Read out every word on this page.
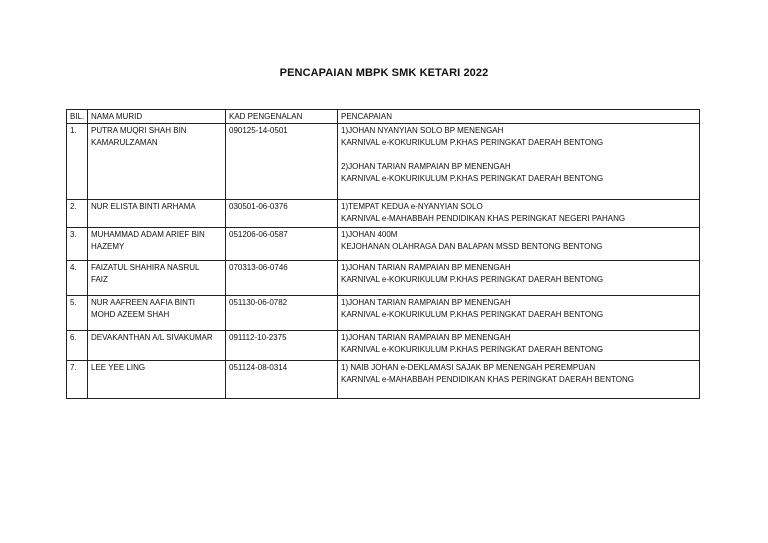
PENCAPAIAN MBPK SMK KETARI 2022
BIL.	NAMA MURID	KAD PENGENALAN	PENCAPAIAN
1.	PUTRA MUQRI SHAH BIN
KAMARULZAMAN	090125-14-0501	1)JOHAN NYANYIAN SOLO BP MENENGAH
KARNIVAL e-KOKURIKULUM P.KHAS PERINGKAT DAERAH BENTONG
2)JOHAN TARIAN RAMPAIAN BP MENENGAH
KARNIVAL e-KOKURIKULUM P.KHAS PERINGKAT DAERAH BENTONG

2.	NUR ELISTA BINTI ARHAMA	030501-06-0376	1)TEMPAT KEDUA e-NYANYIAN SOLO
KARNIVAL e-MAHABBAH PENDIDIKAN KHAS PERINGKAT NEGERI PAHANG

3.	MUHAMMAD ADAM ARIEF BIN
HAZEMY	051206-06-0587	1)JOHAN 400M
KEJOHANAN OLAHRAGA DAN BALAPAN MSSD BENTONG BENTONG

4.	FAIZATUL SHAHIRA NASRUL
FAIZ	070313-06-0746	1)JOHAN TARIAN RAMPAIAN BP MENENGAH
KARNIVAL e-KOKURIKULUM P.KHAS PERINGKAT DAERAH BENTONG

5.	NUR AAFREEN AAFIA BINTI
MOHD AZEEM SHAH	051130-06-0782	1)JOHAN TARIAN RAMPAIAN BP MENENGAH
KARNIVAL e-KOKURIKULUM P.KHAS PERINGKAT DAERAH BENTONG

6.	DEVAKANTHAN A/L SIVAKUMAR	091112-10-2375	1)JOHAN TARIAN RAMPAIAN BP MENENGAH
KARNIVAL e-KOKURIKULUM P.KHAS PERINGKAT DAERAH BENTONG

7.	LEE YEE LING	051124-08-0314	1) NAIB JOHAN e-DEKLAMASI SAJAK BP MENENGAH PEREMPUAN
KARNIVAL e-MAHABBAH PENDIDIKAN KHAS PERINGKAT DAERAH BENTONG
